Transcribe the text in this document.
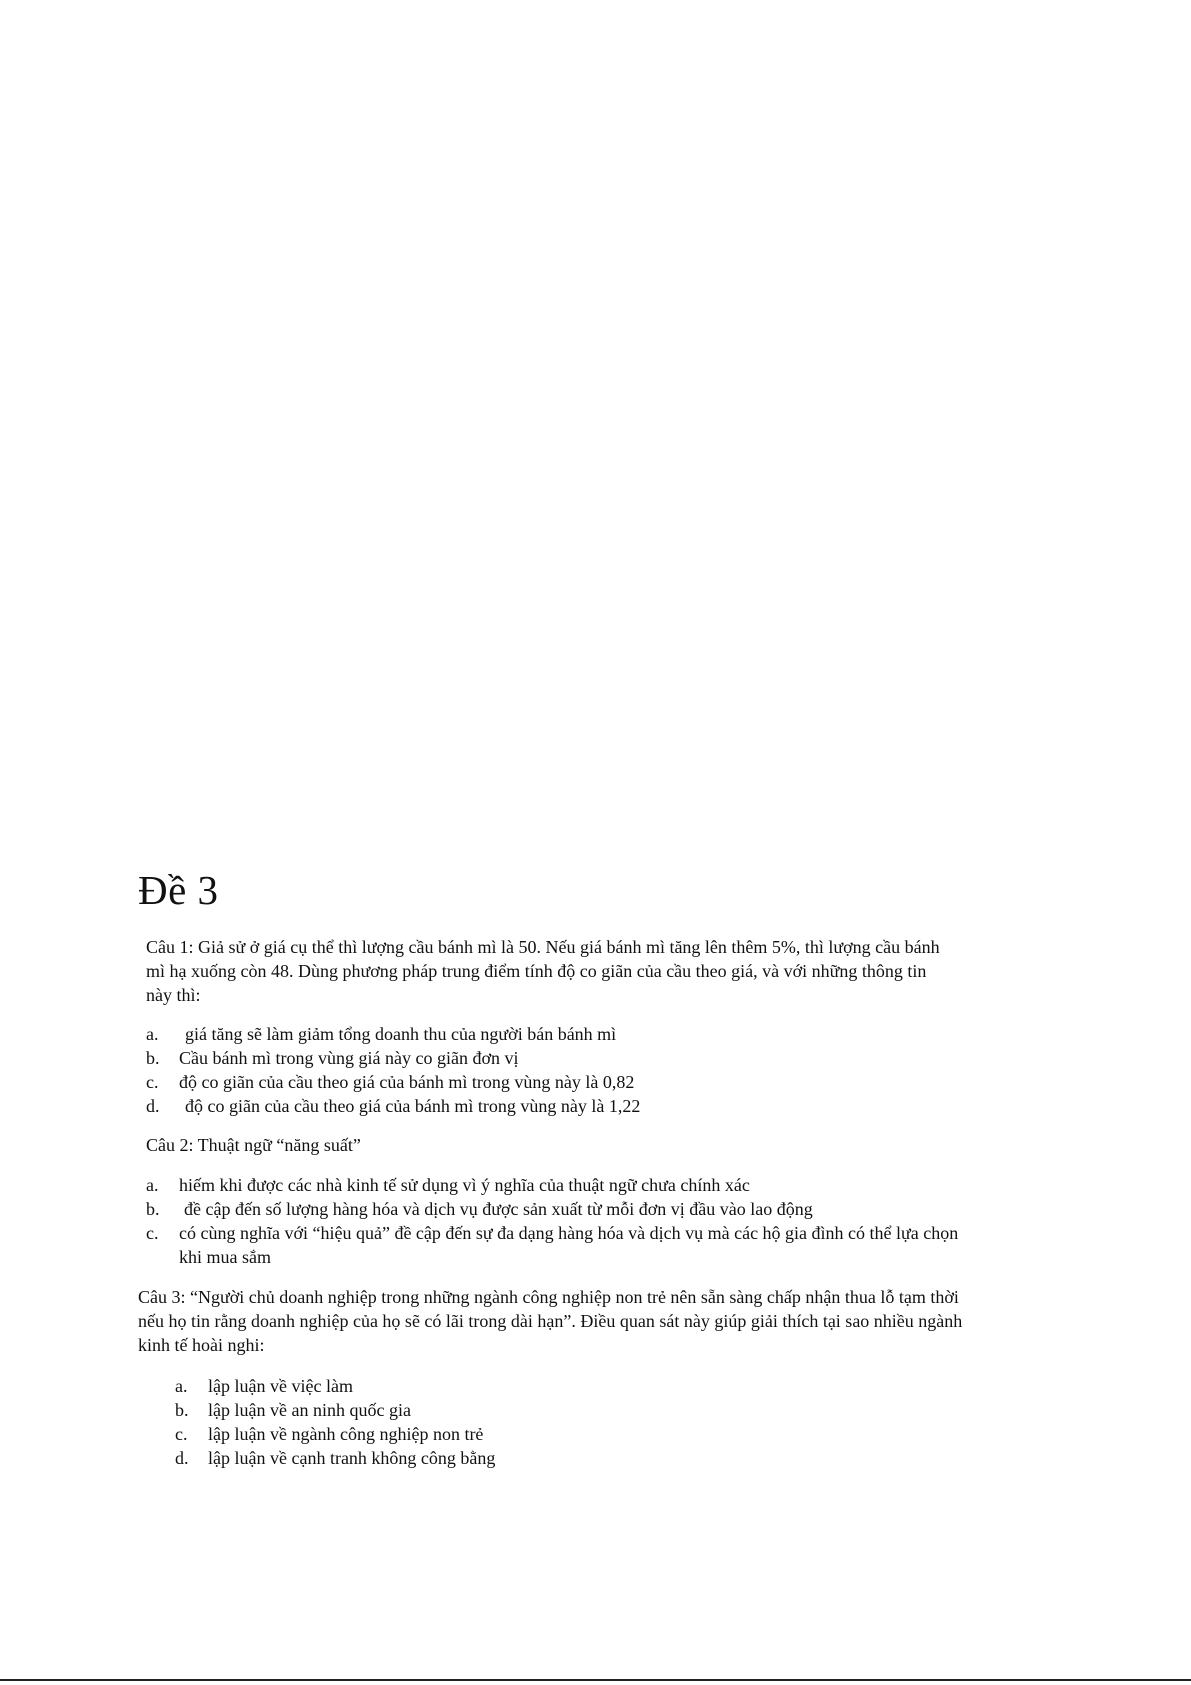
Đề 3

Câu 1: Giả sử ở giá cụ thể thì lượng cầu bánh mì là 50. Nếu giá bánh mì tăng lên thêm 5%, thì lượng cầu bánh mì hạ xuống còn 48. Dùng phương pháp trung điểm tính độ co giãn của cầu theo giá, và với những thông tin này thì:

a.	giá tăng sẽ làm giảm tổng doanh thu của người bán bánh mì
b.	Cầu bánh mì trong vùng giá này co giãn đơn vị
c.	độ co giãn của cầu theo giá của bánh mì trong vùng này là 0,82
d.	độ co giãn của cầu theo giá của bánh mì trong vùng này là 1,22

Câu 2: Thuật ngữ “năng suất”

a.	hiếm khi được các nhà kinh tế sử dụng vì ý nghĩa của thuật ngữ chưa chính xác
b.	đề cập đến số lượng hàng hóa và dịch vụ được sản xuất từ mỗi đơn vị đầu vào lao động
c.	có cùng nghĩa với “hiệu quả” đề cập đến sự đa dạng hàng hóa và dịch vụ mà các hộ gia đình có thể lựa chọn khi mua sắm

Câu 3: “Người chủ doanh nghiệp trong những ngành công nghiệp non trẻ nên sẵn sàng chấp nhận thua lỗ tạm thời nếu họ tin rằng doanh nghiệp của họ sẽ có lãi trong dài hạn”. Điều quan sát này giúp giải thích tại sao nhiều ngành kinh tế hoài nghi:

a.	lập luận về việc làm
b.	lập luận về an ninh quốc gia
c.	lập luận về ngành công nghiệp non trẻ
d.	lập luận về cạnh tranh không công bằng
